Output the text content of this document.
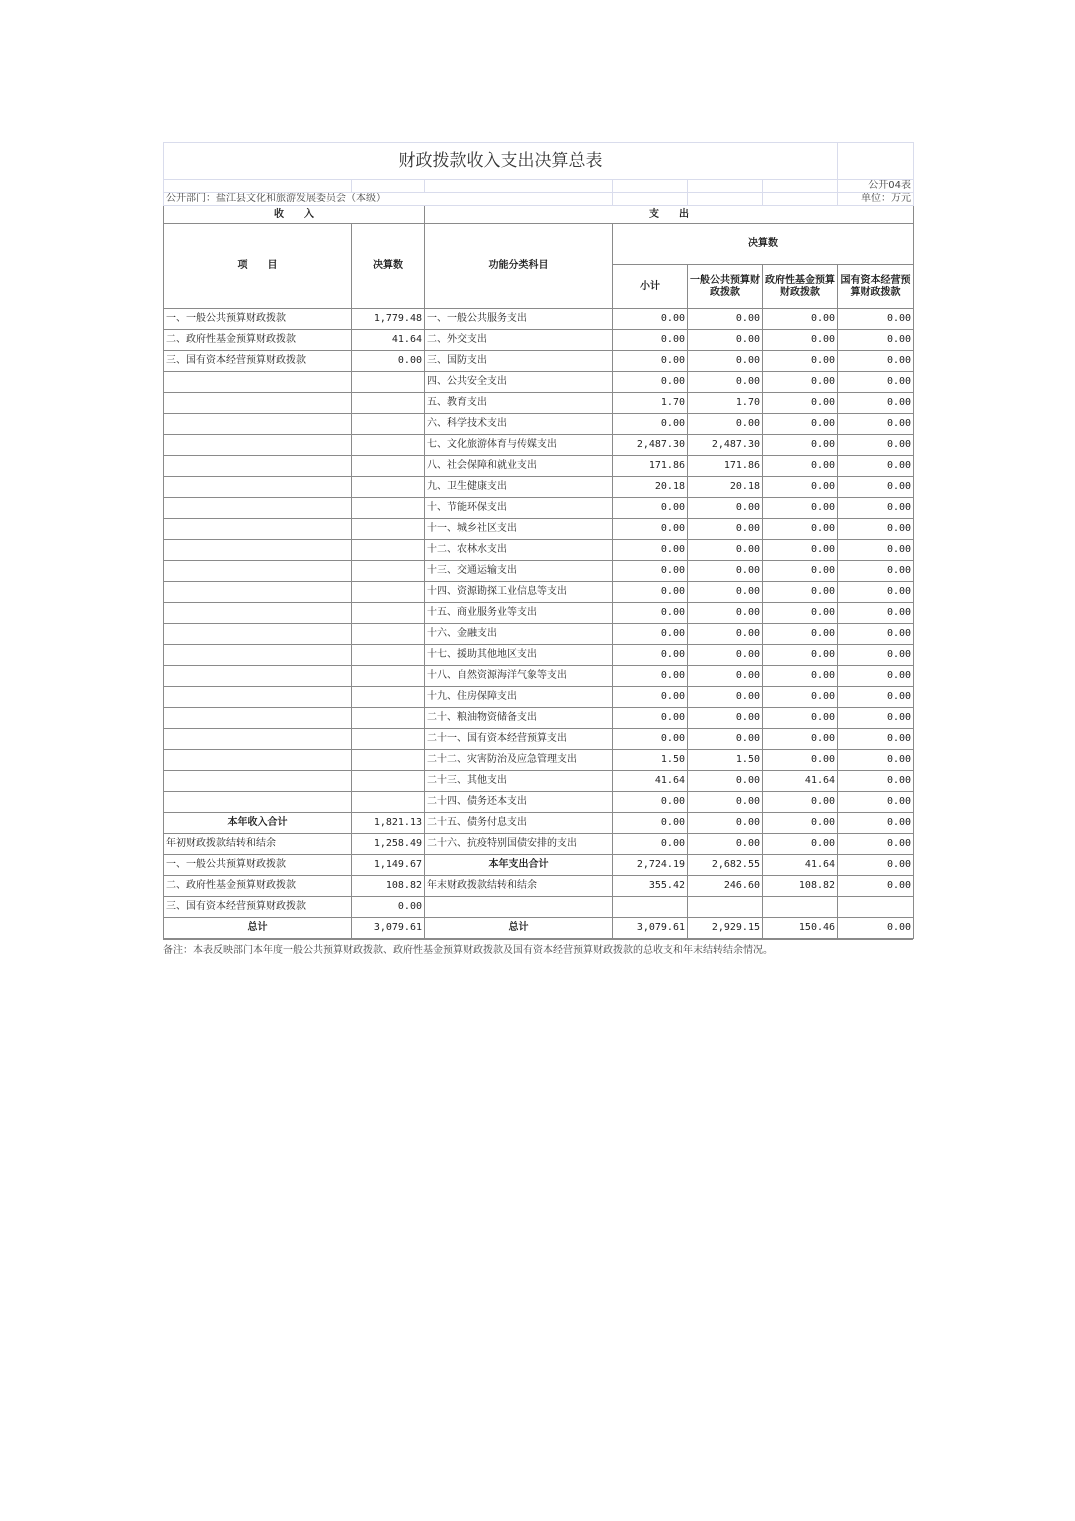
财政拨款收入支出决算总表						
						公开04表
公开部门：盐江县文化和旅游发展委员会（本级）						单位：万元
收　　入		支　　出				
项　　目	决算数	功能分类科目	决算数			
			小计	一般公共预算财政拨款	政府性基金预算财政拨款	国有资本经营预算财政拨款
一、一般公共预算财政拨款	1,779.48	一、一般公共服务支出	0.00	0.00	0.00	0.00
二、政府性基金预算财政拨款	41.64	二、外交支出	0.00	0.00	0.00	0.00
三、国有资本经营预算财政拨款	0.00	三、国防支出	0.00	0.00	0.00	0.00
		四、公共安全支出	0.00	0.00	0.00	0.00
		五、教育支出	1.70	1.70	0.00	0.00
		六、科学技术支出	0.00	0.00	0.00	0.00
		七、文化旅游体育与传媒支出	2,487.30	2,487.30	0.00	0.00
		八、社会保障和就业支出	171.86	171.86	0.00	0.00
		九、卫生健康支出	20.18	20.18	0.00	0.00
		十、节能环保支出	0.00	0.00	0.00	0.00
		十一、城乡社区支出	0.00	0.00	0.00	0.00
		十二、农林水支出	0.00	0.00	0.00	0.00
		十三、交通运输支出	0.00	0.00	0.00	0.00
		十四、资源勘探工业信息等支出	0.00	0.00	0.00	0.00
		十五、商业服务业等支出	0.00	0.00	0.00	0.00
		十六、金融支出	0.00	0.00	0.00	0.00
		十七、援助其他地区支出	0.00	0.00	0.00	0.00
		十八、自然资源海洋气象等支出	0.00	0.00	0.00	0.00
		十九、住房保障支出	0.00	0.00	0.00	0.00
		二十、粮油物资储备支出	0.00	0.00	0.00	0.00
		二十一、国有资本经营预算支出	0.00	0.00	0.00	0.00
		二十二、灾害防治及应急管理支出	1.50	1.50	0.00	0.00
		二十三、其他支出	41.64	0.00	41.64	0.00
		二十四、债务还本支出	0.00	0.00	0.00	0.00
本年收入合计	1,821.13	二十五、债务付息支出	0.00	0.00	0.00	0.00
年初财政拨款结转和结余	1,258.49	二十六、抗疫特别国债安排的支出	0.00	0.00	0.00	0.00
一、一般公共预算财政拨款	1,149.67	本年支出合计	2,724.19	2,682.55	41.64	0.00
二、政府性基金预算财政拨款	108.82	年末财政拨款结转和结余	355.42	246.60	108.82	0.00
三、国有资本经营预算财政拨款	0.00					
总计	3,079.61	总计	3,079.61	2,929.15	150.46	0.00
备注：本表反映部门本年度一般公共预算财政拨款、政府性基金预算财政拨款及国有资本经营预算财政拨款的总收支和年末结转结余情况。
